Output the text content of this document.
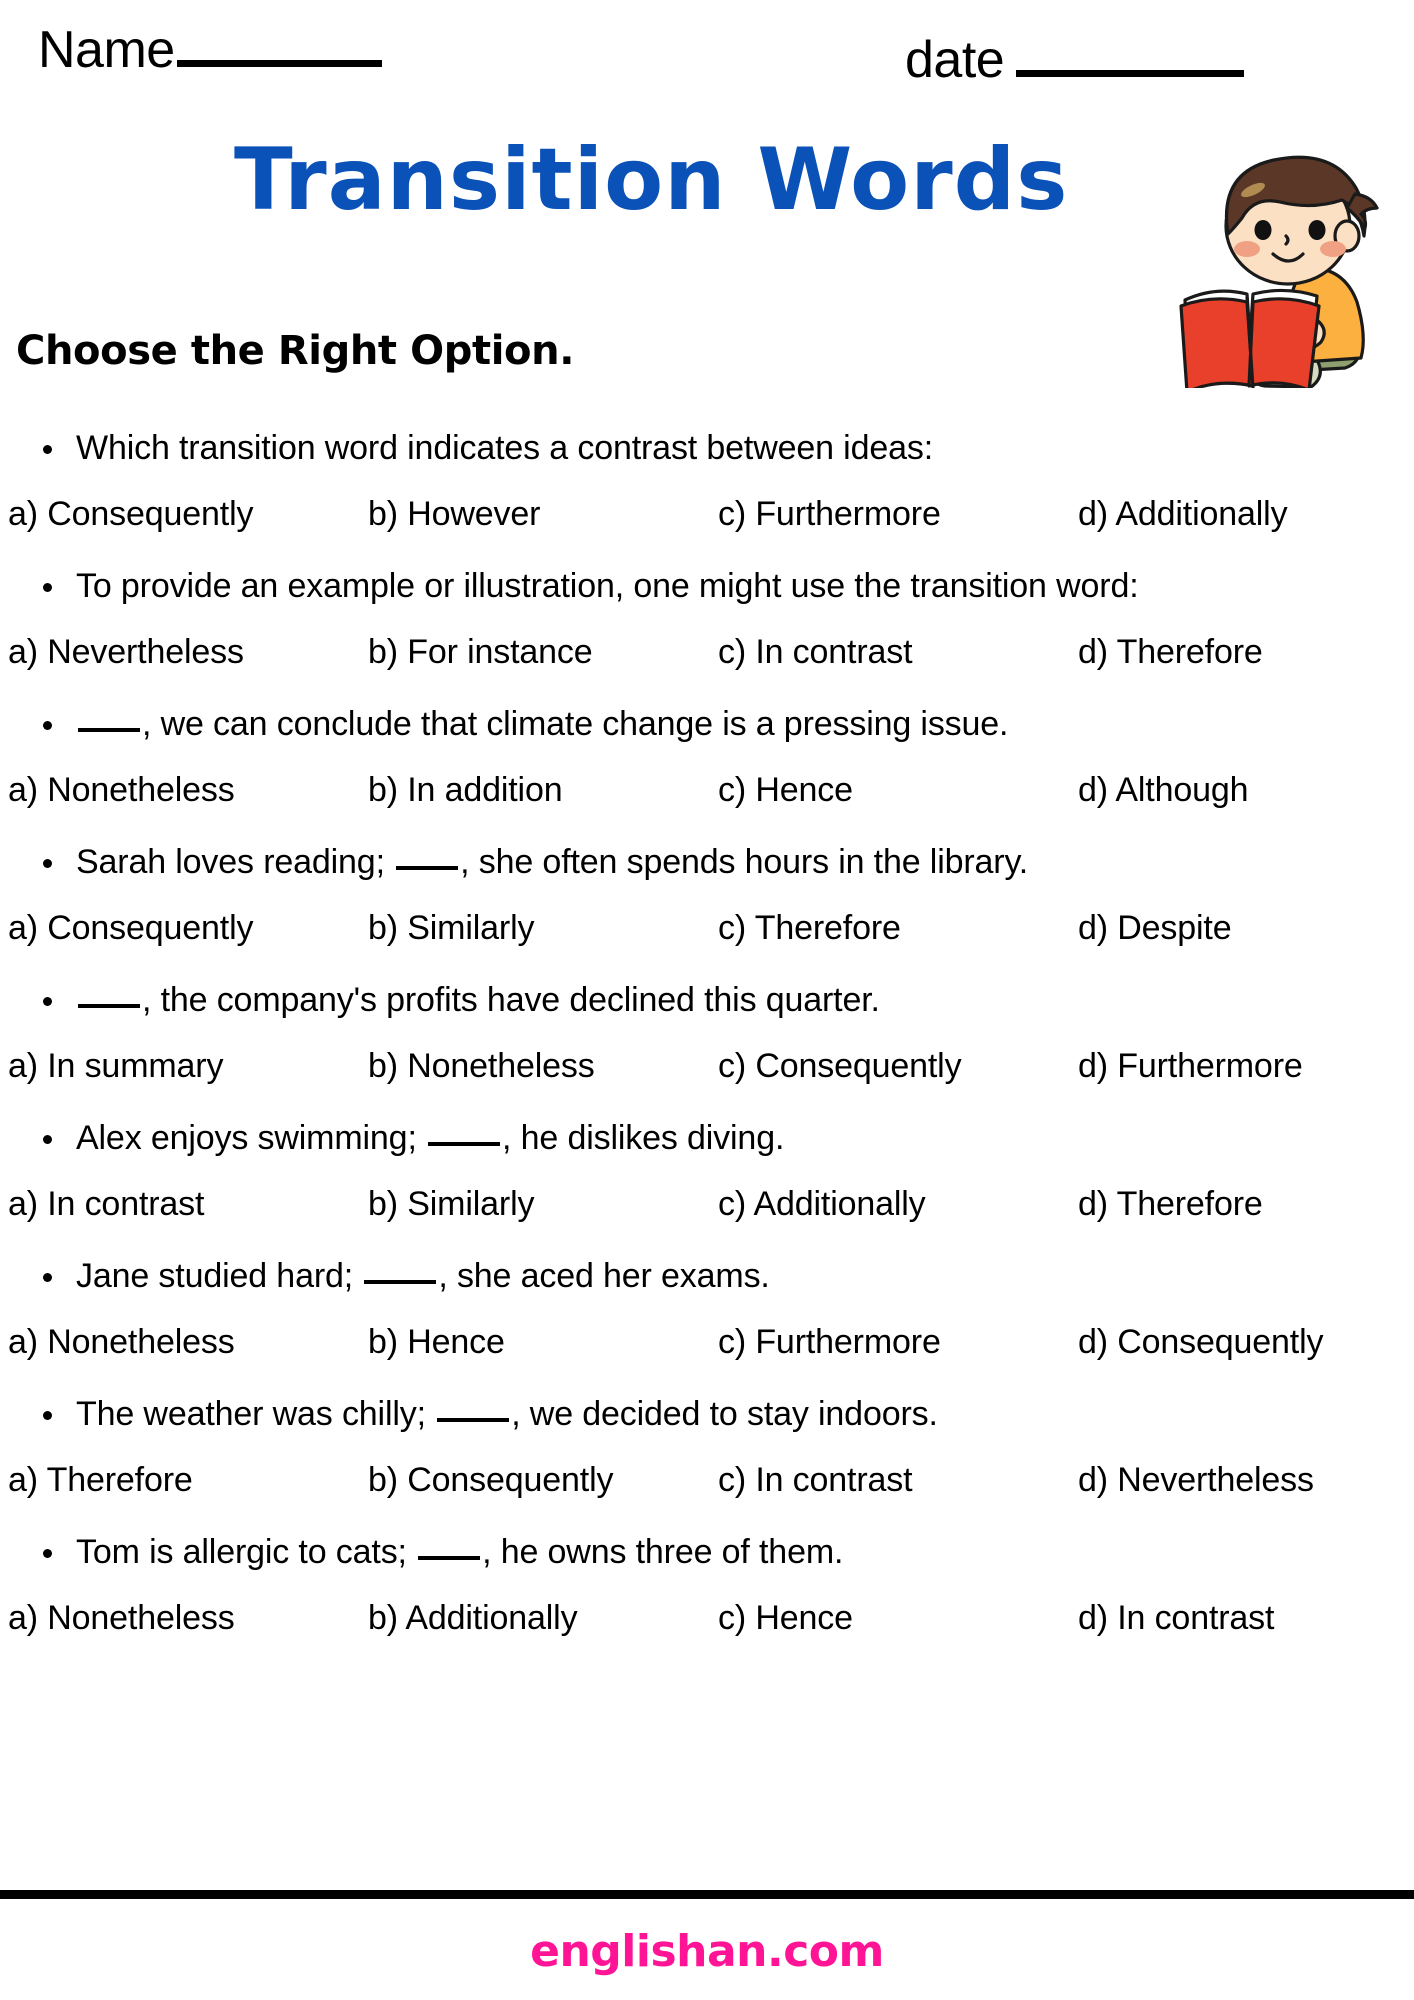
Name	date
Transition Words
Choose the Right Option.
Which transition word indicates a contrast between ideas:
a) Consequently	b) However	c) Furthermore	d) Additionally
To provide an example or illustration, one might use the transition word:
a) Nevertheless	b) For instance	c) In contrast	d) Therefore
, we can conclude that climate change is a pressing issue.
a) Nonetheless	b) In addition	c) Hence	d) Although
Sarah loves reading; , she often spends hours in the library.
a) Consequently	b) Similarly	c) Therefore	d) Despite
, the company's profits have declined this quarter.
a) In summary	b) Nonetheless	c) Consequently	d) Furthermore
Alex enjoys swimming; , he dislikes diving.
a) In contrast	b) Similarly	c) Additionally	d) Therefore
Jane studied hard; , she aced her exams.
a) Nonetheless	b) Hence	c) Furthermore	d) Consequently
The weather was chilly; , we decided to stay indoors.
a) Therefore	b) Consequently	c) In contrast	d) Nevertheless
Tom is allergic to cats; , he owns three of them.
a) Nonetheless	b) Additionally	c) Hence	d) In contrast
englishan.com
